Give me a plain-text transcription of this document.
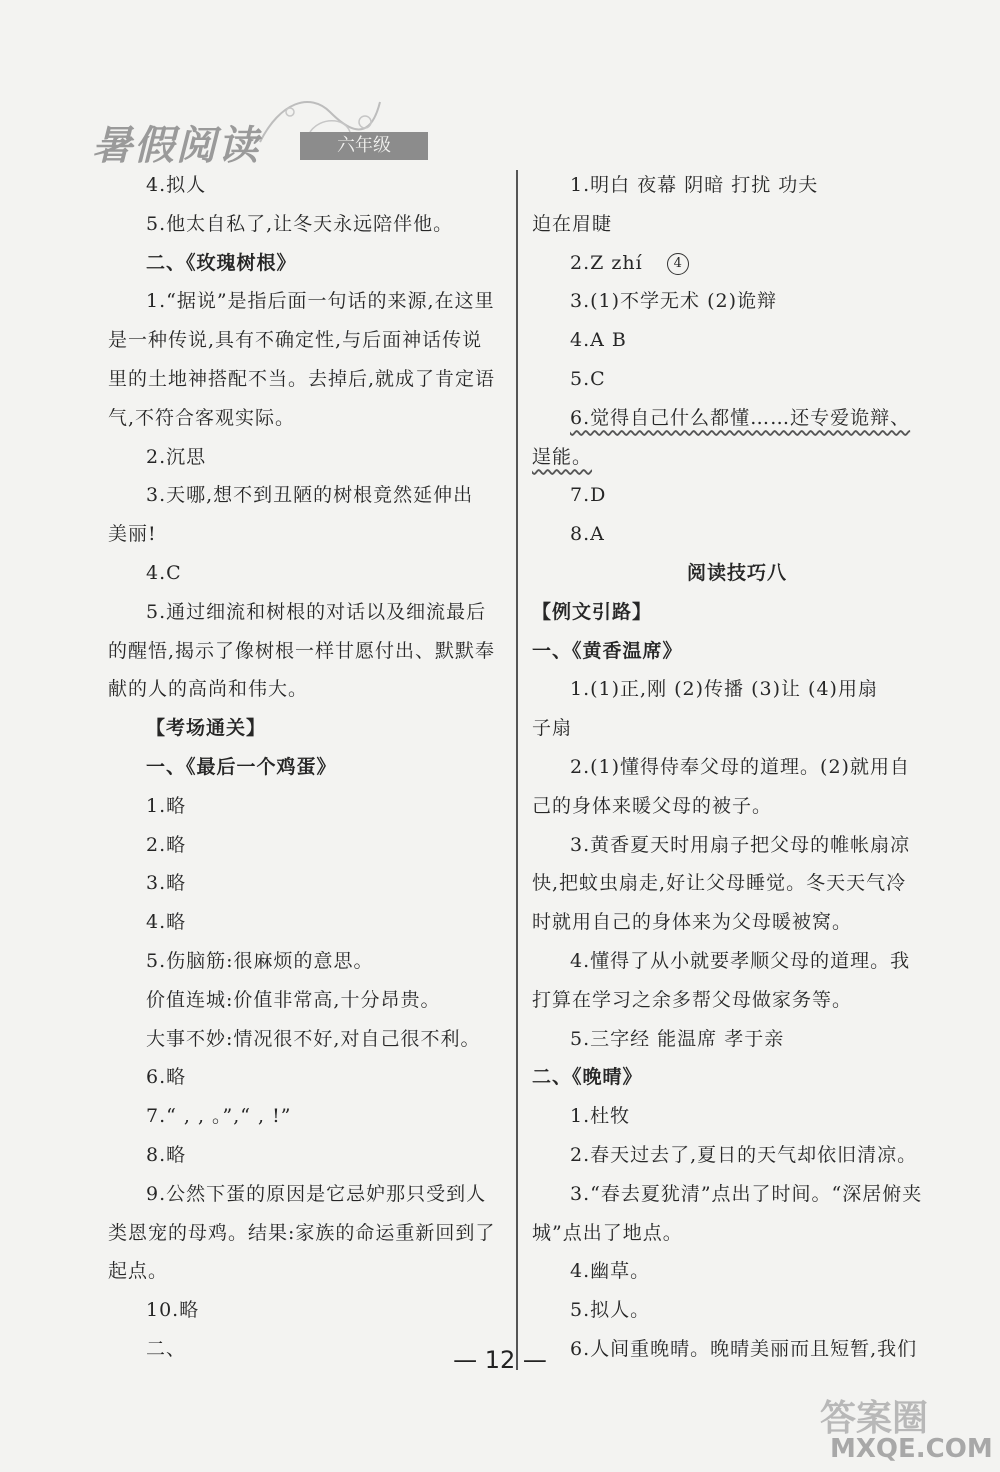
暑假阅读	六年级
4.拟人
5.他太自私了,让冬天永远陪伴他。
二、《玫瑰树根》
1.“据说”是指后面一句话的来源,在这里
是一种传说,具有不确定性,与后面神话传说
里的土地神搭配不当。去掉后,就成了肯定语
气,不符合客观实际。
2.沉思
3.天哪,想不到丑陋的树根竟然延伸出
美丽!
4.C
5.通过细流和树根的对话以及细流最后
的醒悟,揭示了像树根一样甘愿付出、默默奉
献的人的高尚和伟大。
【考场通关】
一、《最后一个鸡蛋》
1.略
2.略
3.略
4.略
5.伤脑筋:很麻烦的意思。
价值连城:价值非常高,十分昂贵。
大事不妙:情况很不好,对自己很不利。
6.略
7.“ , , 。”,“ , !”
8.略
9.公然下蛋的原因是它忌妒那只受到人
类恩宠的母鸡。结果:家族的命运重新回到了
起点。
10.略
二、
1.明白 夜幕 阴暗 打扰 功夫
迫在眉睫
2.Z zhí 4
3.(1)不学无术 (2)诡辩
4.A B
5.C
6.觉得自己什么都懂……还专爱诡辩、
逞能。
7.D
8.A
阅读技巧八
【例文引路】
一、《黄香温席》
1.(1)正,刚 (2)传播 (3)让 (4)用扇
子扇
2.(1)懂得侍奉父母的道理。(2)就用自
己的身体来暖父母的被子。
3.黄香夏天时用扇子把父母的帷帐扇凉
快,把蚊虫扇走,好让父母睡觉。冬天天气冷
时就用自己的身体来为父母暖被窝。
4.懂得了从小就要孝顺父母的道理。我
打算在学习之余多帮父母做家务等。
5.三字经 能温席 孝于亲
二、《晚晴》
1.杜牧
2.春天过去了,夏日的天气却依旧清凉。
3.“春去夏犹清”点出了时间。“深居俯夹
城”点出了地点。
4.幽草。
5.拟人。
6.人间重晚晴。晚晴美丽而且短暂,我们
— 12 —
答案圈
MXQE.COM
